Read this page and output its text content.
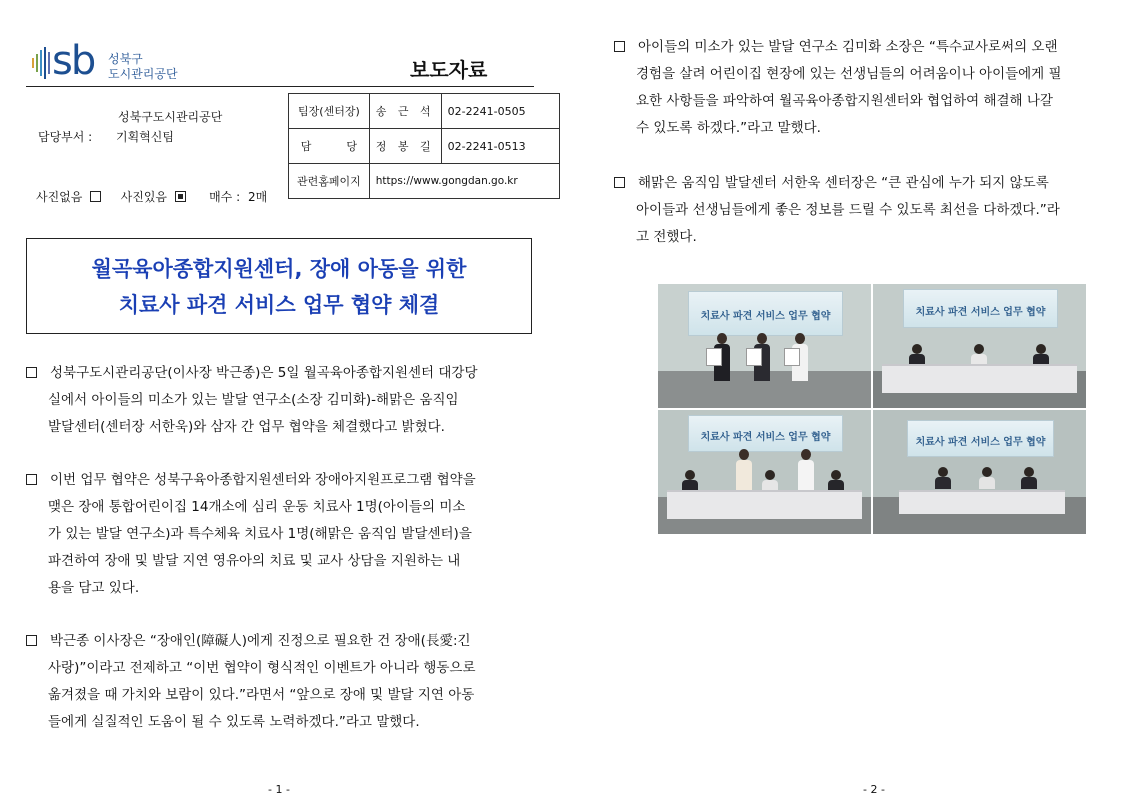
sb 성북구
도시관리공단	보도자료
성북구도시관리공단
담당부서 : 기획혁신팀
사진없음	사진있음	매수 : 2매
팀장(센터장)	송 근 석	02-2241-0505
담          당	정 봉 길	02-2241-0513
관련홈페이지	https://www.gongdan.go.kr	
월곡육아종합지원센터, 장애 아동을 위한
치료사 파견 서비스 업무 협약 체결
성북구도시관리공단(이사장 박근종)은 5일 월곡육아종합지원센터 대강당
실에서 아이들의 미소가 있는 발달 연구소(소장 김미화)-해맑은 움직임
발달센터(센터장 서한욱)와 삼자 간 업무 협약을 체결했다고 밝혔다.
이번 업무 협약은 성북구육아종합지원센터와 장애아지원프로그램 협약을
맺은 장애 통합어린이집 14개소에 심리 운동 치료사 1명(아이들의 미소
가 있는 발달 연구소)과 특수체육 치료사 1명(해맑은 움직임 발달센터)을
파견하여 장애 및 발달 지연 영유아의 치료 및 교사 상담을 지원하는 내
용을 담고 있다.
박근종 이사장은 “장애인(障礙人)에게 진정으로 필요한 건 장애(長愛:긴
사랑)”이라고 전제하고 “이번 협약이 형식적인 이벤트가 아니라 행동으로
옮겨졌을 때 가치와 보람이 있다.”라면서 “앞으로 장애 및 발달 지연 아동
들에게 실질적인 도움이 될 수 있도록 노력하겠다.”라고 말했다.
- 1 -
아이들의 미소가 있는 발달 연구소 김미화 소장은 “특수교사로써의 오랜
경험을 살려 어린이집 현장에 있는 선생님들의 어려움이나 아이들에게 필
요한 사항들을 파악하여 월곡육아종합지원센터와 협업하여 해결해 나갈
수 있도록 하겠다.”라고 말했다.
해맑은 움직임 발달센터 서한욱 센터장은 “큰 관심에 누가 되지 않도록
아이들과 선생님들에게 좋은 정보를 드릴 수 있도록 최선을 다하겠다.”라
고 전했다.
치료사 파견 서비스 업무 협약	치료사 파견 서비스 업무 협약
치료사 파견 서비스 업무 협약	치료사 파견 서비스 업무 협약
- 2 -
